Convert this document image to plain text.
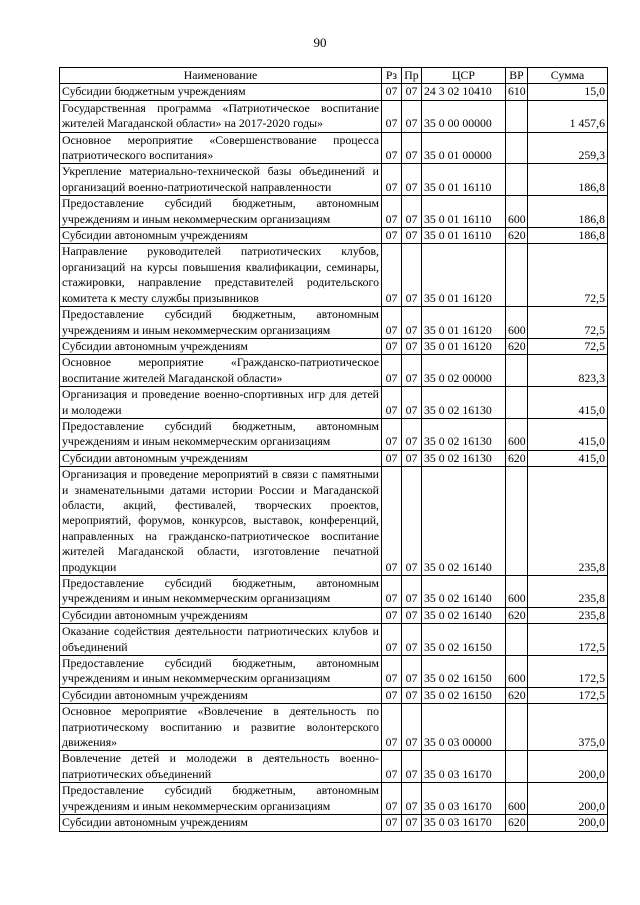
90
Наименование	Рз	Пр	ЦСР	ВР	Сумма
Субсидии бюджетным учреждениям	07	07	24 3 02 10410	610	15,0
Государственная программа «Патриотическое воспитание жителей Магаданской области» на 2017-2020 годы»	07	07	35 0 00 00000		1 457,6
Основное мероприятие «Совершенствование процесса патриотического воспитания»	07	07	35 0 01 00000		259,3
Укрепление материально-технической базы объединений и организаций военно-патриотической направленности	07	07	35 0 01 16110		186,8
Предоставление субсидий бюджетным, автономным учреждениям и иным некоммерческим организациям	07	07	35 0 01 16110	600	186,8
Субсидии автономным учреждениям	07	07	35 0 01 16110	620	186,8
Направление руководителей патриотических клубов, организаций на курсы повышения квалификации, семинары, стажировки, направление представителей родительского комитета к месту службы призывников	07	07	35 0 01 16120		72,5
Предоставление субсидий бюджетным, автономным учреждениям и иным некоммерческим организациям	07	07	35 0 01 16120	600	72,5
Субсидии автономным учреждениям	07	07	35 0 01 16120	620	72,5
Основное мероприятие «Гражданско-патриотическое воспитание жителей Магаданской области»	07	07	35 0 02 00000		823,3
Организация и проведение военно-спортивных игр для детей и молодежи	07	07	35 0 02 16130		415,0
Предоставление субсидий бюджетным, автономным учреждениям и иным некоммерческим организациям	07	07	35 0 02 16130	600	415,0
Субсидии автономным учреждениям	07	07	35 0 02 16130	620	415,0
Организация и проведение мероприятий в связи с памятными и знаменательными датами истории России и Магаданской области, акций, фестивалей, творческих проектов, мероприятий, форумов, конкурсов, выставок, конференций, направленных на гражданско-патриотическое воспитание жителей Магаданской области, изготовление печатной продукции	07	07	35 0 02 16140		235,8
Предоставление субсидий бюджетным, автономным учреждениям и иным некоммерческим организациям	07	07	35 0 02 16140	600	235,8
Субсидии автономным учреждениям	07	07	35 0 02 16140	620	235,8
Оказание содействия деятельности патриотических клубов и объединений	07	07	35 0 02 16150		172,5
Предоставление субсидий бюджетным, автономным учреждениям и иным некоммерческим организациям	07	07	35 0 02 16150	600	172,5
Субсидии автономным учреждениям	07	07	35 0 02 16150	620	172,5
Основное мероприятие «Вовлечение в деятельность по патриотическому воспитанию и развитие волонтерского движения»	07	07	35 0 03 00000		375,0
Вовлечение детей и молодежи в деятельность военно-патриотических объединений	07	07	35 0 03 16170		200,0
Предоставление субсидий бюджетным, автономным учреждениям и иным некоммерческим организациям	07	07	35 0 03 16170	600	200,0
Субсидии автономным учреждениям	07	07	35 0 03 16170	620	200,0
